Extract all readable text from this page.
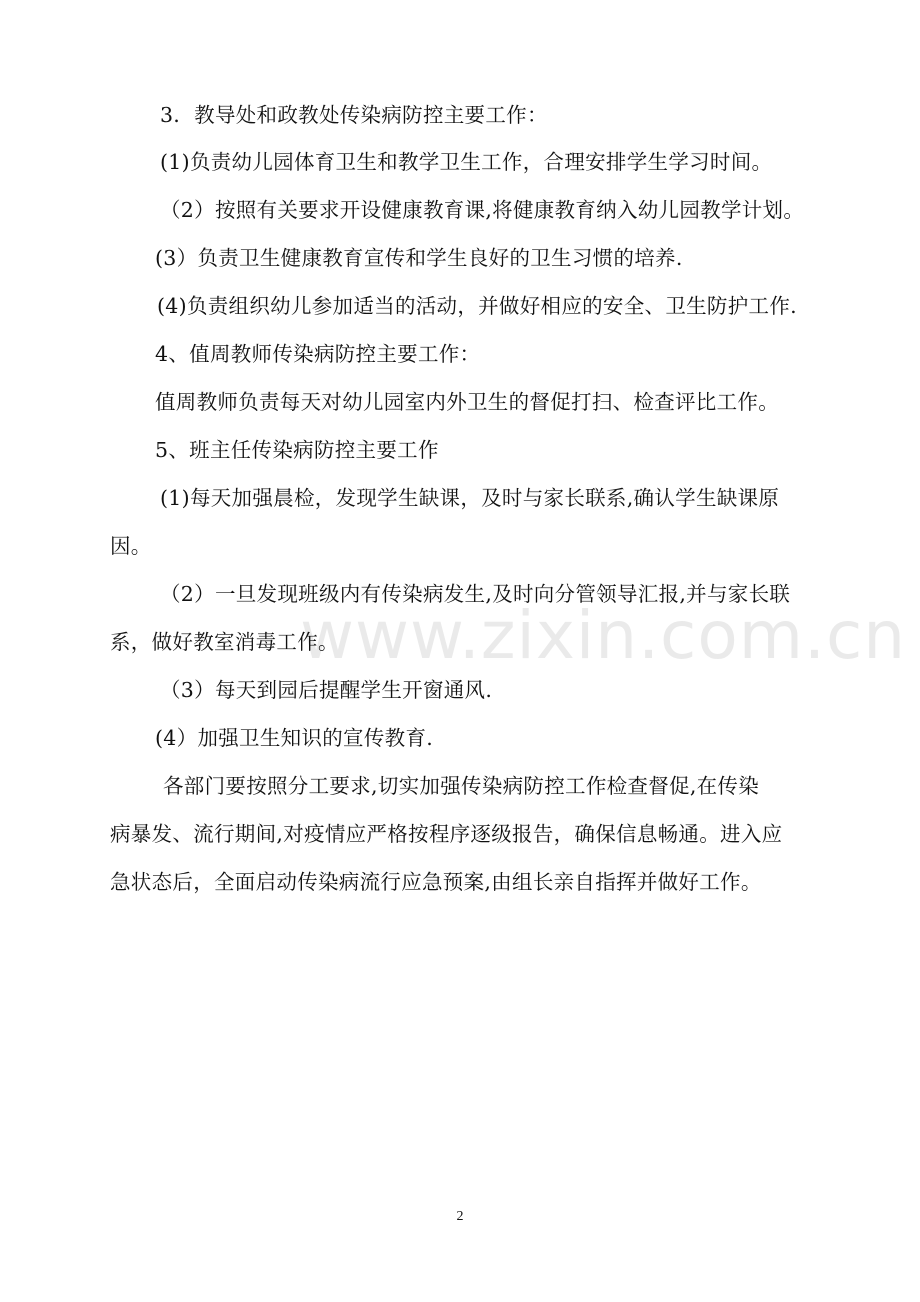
www.zixin.com.cn
3．教导处和政教处传染病防控主要工作：
(1)负责幼儿园体育卫生和教学卫生工作，合理安排学生学习时间。
（2）按照有关要求开设健康教育课,将健康教育纳入幼儿园教学计划。
(3）负责卫生健康教育宣传和学生良好的卫生习惯的培养.
(4)负责组织幼儿参加适当的活动，并做好相应的安全、卫生防护工作.
4、值周教师传染病防控主要工作：
值周教师负责每天对幼儿园室内外卫生的督促打扫、检查评比工作。
5、班主任传染病防控主要工作
(1)每天加强晨检，发现学生缺课，及时与家长联系,确认学生缺课原
因。
（2）一旦发现班级内有传染病发生,及时向分管领导汇报,并与家长联
系，做好教室消毒工作。
（3）每天到园后提醒学生开窗通风.
(4）加强卫生知识的宣传教育.
各部门要按照分工要求,切实加强传染病防控工作检查督促,在传染
病暴发、流行期间,对疫情应严格按程序逐级报告，确保信息畅通。进入应
急状态后，全面启动传染病流行应急预案,由组长亲自指挥并做好工作。
2
